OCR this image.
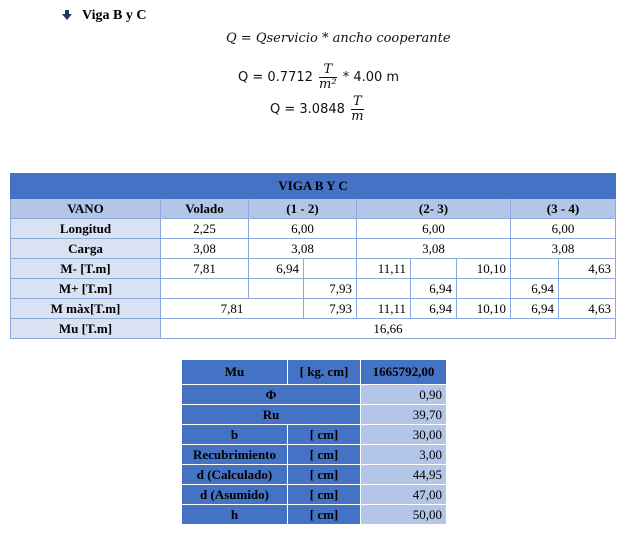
Viga B y C
Q = Qservicio * ancho cooperante
$Q = 0.7712 \frac{T}{\text{m²}} * 4.00$ m
$Q = 3.0848 \frac{T}{m}$
VIGA B Y C								
VANO	Volado	(1 - 2)		(2- 3)			(3 - 4)	
Longitud	2,25	6,00		6,00			6,00	
Carga	3,08	3,08		3,08			3,08	
M- [T.m]	7,81	6,94		11,11		10,10		4,63
M+ [T.m]			7,93		6,94		6,94	
M màx[T.m]	7,81		7,93	11,11	6,94	10,10	6,94	4,63
Mu [T.m]	16,66							
Mu	[ kg. cm]	1665792,00
Φ		0,90
Ru		39,70
b	[ cm]	30,00
Recubrimiento	[ cm]	3,00
d (Calculado)	[ cm]	44,95
d (Asumido)	[ cm]	47,00
h	[ cm]	50,00
